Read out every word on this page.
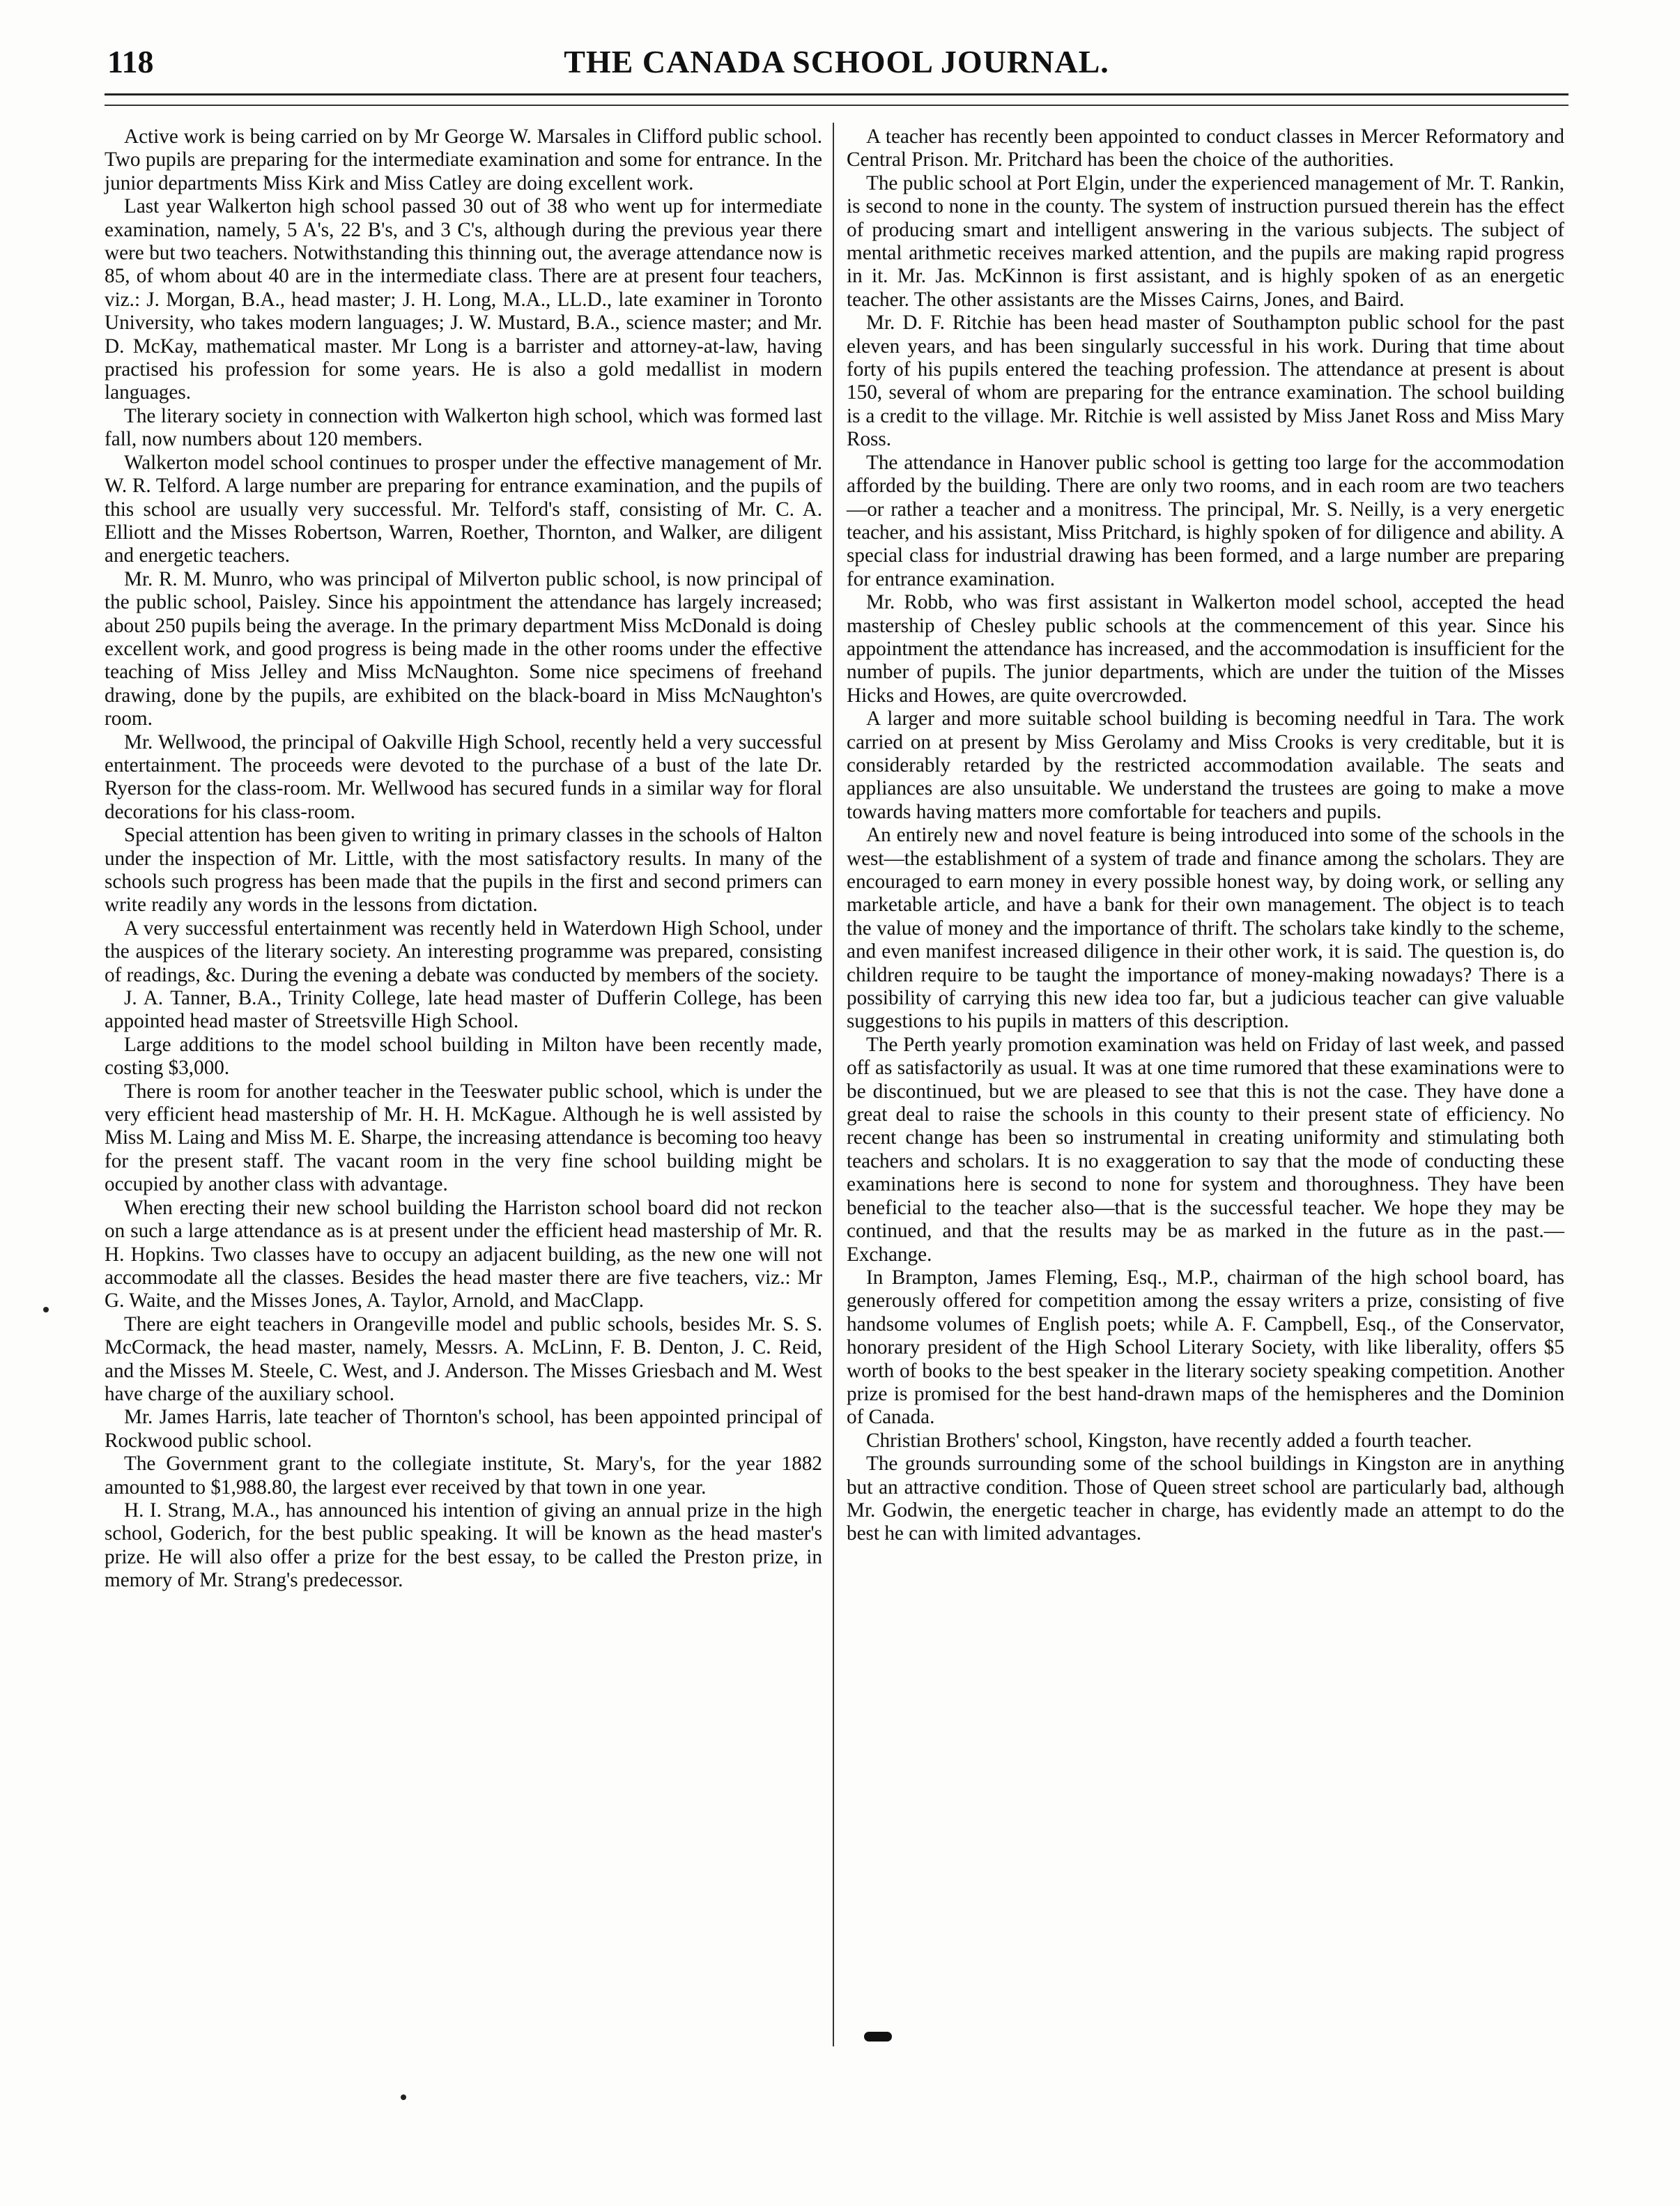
118	THE CANADA SCHOOL JOURNAL.

Active work is being carried on by Mr George W. Marsales in Clifford public school. Two pupils are preparing for the intermediate examination and some for entrance. In the junior departments Miss Kirk and Miss Catley are doing excellent work.

Last year Walkerton high school passed 30 out of 38 who went up for intermediate examination, namely, 5 A's, 22 B's, and 3 C's, although during the previous year there were but two teachers. Notwithstanding this thinning out, the average attendance now is 85, of whom about 40 are in the intermediate class. There are at present four teachers, viz.: J. Morgan, B.A., head master; J. H. Long, M.A., LL.D., late examiner in Toronto University, who takes modern languages; J. W. Mustard, B.A., science master; and Mr. D. McKay, mathematical master. Mr Long is a barrister and attorney-at-law, having practised his profession for some years. He is also a gold medallist in modern languages.

The literary society in connection with Walkerton high school, which was formed last fall, now numbers about 120 members.

Walkerton model school continues to prosper under the effective management of Mr. W. R. Telford. A large number are preparing for entrance examination, and the pupils of this school are usually very successful. Mr. Telford's staff, consisting of Mr. C. A. Elliott and the Misses Robertson, Warren, Roether, Thornton, and Walker, are diligent and energetic teachers.

Mr. R. M. Munro, who was principal of Milverton public school, is now principal of the public school, Paisley. Since his appointment the attendance has largely increased; about 250 pupils being the average. In the primary department Miss McDonald is doing excellent work, and good progress is being made in the other rooms under the effective teaching of Miss Jelley and Miss McNaughton. Some nice specimens of freehand drawing, done by the pupils, are exhibited on the black-board in Miss McNaughton's room.

Mr. Wellwood, the principal of Oakville High School, recently held a very successful entertainment. The proceeds were devoted to the purchase of a bust of the late Dr. Ryerson for the class-room. Mr. Wellwood has secured funds in a similar way for floral decorations for his class-room.

Special attention has been given to writing in primary classes in the schools of Halton under the inspection of Mr. Little, with the most satisfactory results. In many of the schools such progress has been made that the pupils in the first and second primers can write readily any words in the lessons from dictation.

A very successful entertainment was recently held in Waterdown High School, under the auspices of the literary society. An interesting programme was prepared, consisting of readings, &c. During the evening a debate was conducted by members of the society.

J. A. Tanner, B.A., Trinity College, late head master of Dufferin College, has been appointed head master of Streetsville High School.

Large additions to the model school building in Milton have been recently made, costing $3,000.

There is room for another teacher in the Teeswater public school, which is under the very efficient head mastership of Mr. H. H. McKague. Although he is well assisted by Miss M. Laing and Miss M. E. Sharpe, the increasing attendance is becoming too heavy for the present staff. The vacant room in the very fine school building might be occupied by another class with advantage.

When erecting their new school building the Harriston school board did not reckon on such a large attendance as is at present under the efficient head mastership of Mr. R. H. Hopkins. Two classes have to occupy an adjacent building, as the new one will not accommodate all the classes. Besides the head master there are five teachers, viz.: Mr G. Waite, and the Misses Jones, A. Taylor, Arnold, and MacClapp.

There are eight teachers in Orangeville model and public schools, besides Mr. S. S. McCormack, the head master, namely, Messrs. A. McLinn, F. B. Denton, J. C. Reid, and the Misses M. Steele, C. West, and J. Anderson. The Misses Griesbach and M. West have charge of the auxiliary school.

Mr. James Harris, late teacher of Thornton's school, has been appointed principal of Rockwood public school.

The Government grant to the collegiate institute, St. Mary's, for the year 1882 amounted to $1,988.80, the largest ever received by that town in one year.

H. I. Strang, M.A., has announced his intention of giving an annual prize in the high school, Goderich, for the best public speaking. It will be known as the head master's prize. He will also offer a prize for the best essay, to be called the Preston prize, in memory of Mr. Strang's predecessor.

A teacher has recently been appointed to conduct classes in Mercer Reformatory and Central Prison. Mr. Pritchard has been the choice of the authorities.

The public school at Port Elgin, under the experienced management of Mr. T. Rankin, is second to none in the county. The system of instruction pursued therein has the effect of producing smart and intelligent answering in the various subjects. The subject of mental arithmetic receives marked attention, and the pupils are making rapid progress in it. Mr. Jas. McKinnon is first assistant, and is highly spoken of as an energetic teacher. The other assistants are the Misses Cairns, Jones, and Baird.

Mr. D. F. Ritchie has been head master of Southampton public school for the past eleven years, and has been singularly successful in his work. During that time about forty of his pupils entered the teaching profession. The attendance at present is about 150, several of whom are preparing for the entrance examination. The school building is a credit to the village. Mr. Ritchie is well assisted by Miss Janet Ross and Miss Mary Ross.

The attendance in Hanover public school is getting too large for the accommodation afforded by the building. There are only two rooms, and in each room are two teachers—or rather a teacher and a monitress. The principal, Mr. S. Neilly, is a very energetic teacher, and his assistant, Miss Pritchard, is highly spoken of for diligence and ability. A special class for industrial drawing has been formed, and a large number are preparing for entrance examination.

Mr. Robb, who was first assistant in Walkerton model school, accepted the head mastership of Chesley public schools at the commencement of this year. Since his appointment the attendance has increased, and the accommodation is insufficient for the number of pupils. The junior departments, which are under the tuition of the Misses Hicks and Howes, are quite overcrowded.

A larger and more suitable school building is becoming needful in Tara. The work carried on at present by Miss Gerolamy and Miss Crooks is very creditable, but it is considerably retarded by the restricted accommodation available. The seats and appliances are also unsuitable. We understand the trustees are going to make a move towards having matters more comfortable for teachers and pupils.

An entirely new and novel feature is being introduced into some of the schools in the west—the establishment of a system of trade and finance among the scholars. They are encouraged to earn money in every possible honest way, by doing work, or selling any marketable article, and have a bank for their own management. The object is to teach the value of money and the importance of thrift. The scholars take kindly to the scheme, and even manifest increased diligence in their other work, it is said. The question is, do children require to be taught the importance of money-making nowadays? There is a possibility of carrying this new idea too far, but a judicious teacher can give valuable suggestions to his pupils in matters of this description.

The Perth yearly promotion examination was held on Friday of last week, and passed off as satisfactorily as usual. It was at one time rumored that these examinations were to be discontinued, but we are pleased to see that this is not the case. They have done a great deal to raise the schools in this county to their present state of efficiency. No recent change has been so instrumental in creating uniformity and stimulating both teachers and scholars. It is no exaggeration to say that the mode of conducting these examinations here is second to none for system and thoroughness. They have been beneficial to the teacher also—that is the successful teacher. We hope they may be continued, and that the results may be as marked in the future as in the past.—Exchange.

In Brampton, James Fleming, Esq., M.P., chairman of the high school board, has generously offered for competition among the essay writers a prize, consisting of five handsome volumes of English poets; while A. F. Campbell, Esq., of the Conservator, honorary president of the High School Literary Society, with like liberality, offers $5 worth of books to the best speaker in the literary society speaking competition. Another prize is promised for the best hand-drawn maps of the hemispheres and the Dominion of Canada.

Christian Brothers' school, Kingston, have recently added a fourth teacher.

The grounds surrounding some of the school buildings in Kingston are in anything but an attractive condition. Those of Queen street school are particularly bad, although Mr. Godwin, the energetic teacher in charge, has evidently made an attempt to do the best he can with limited advantages.
